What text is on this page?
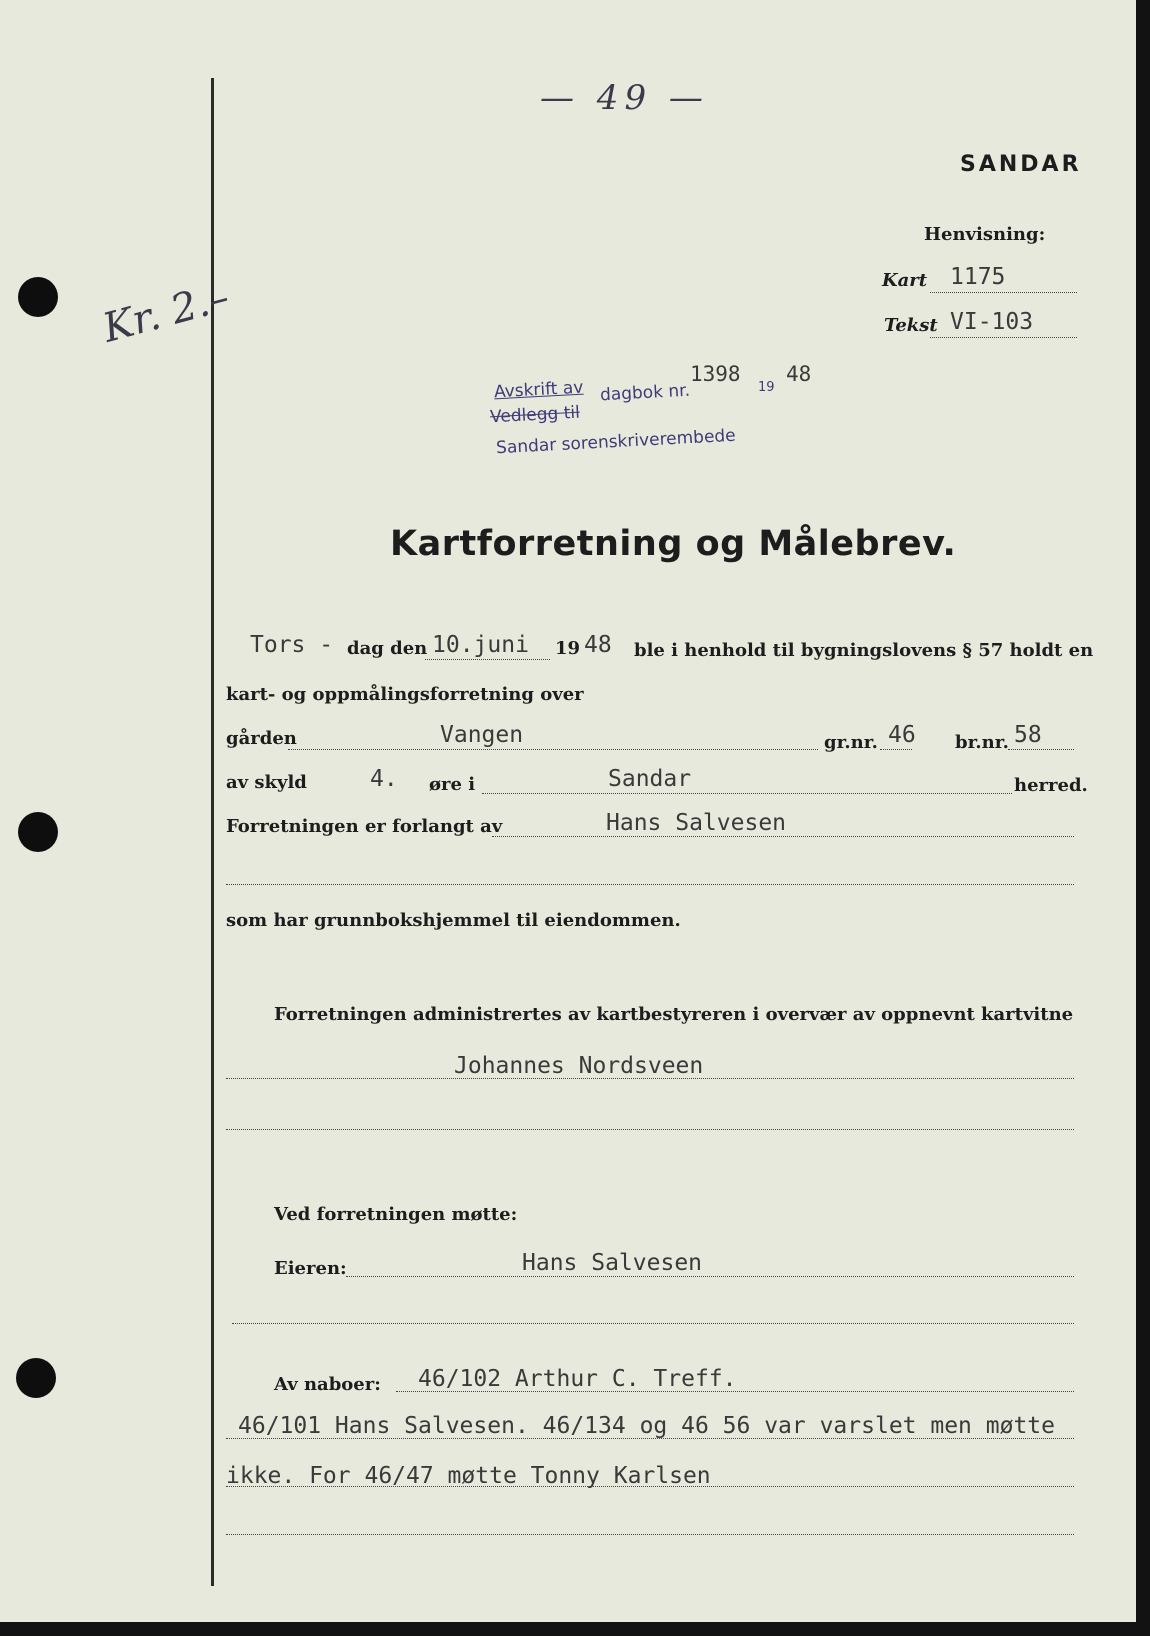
— 49 —
SANDAR
Henvisning:
Kart 1175
Tekst VI-103
Kr. 2.–
Avskrift av dagbok nr.
1398
19
48
Vedlegg til
Sandar sorenskriverembede
Kartforretning og Målebrev.
Tors - dag den 10.juni 19 48 ble i henhold til bygningslovens § 57 holdt en
kart- og oppmålingsforretning over
gården	Vangen	gr.nr. 46 br.nr. 58
av skyld	4. øre i	Sandar	herred.
Forretningen er forlangt av	Hans Salvesen
som har grunnbokshjemmel til eiendommen.
Forretningen administrertes av kartbestyreren i overvær av oppnevnt kartvitne
Johannes Nordsveen
Ved forretningen møtte:
Eieren:	Hans Salvesen
Av naboer: 46/102 Arthur C. Treff.
46/101 Hans Salvesen. 46/134 og 46 56 var varslet men møtte
ikke. For 46/47 møtte Tonny Karlsen
